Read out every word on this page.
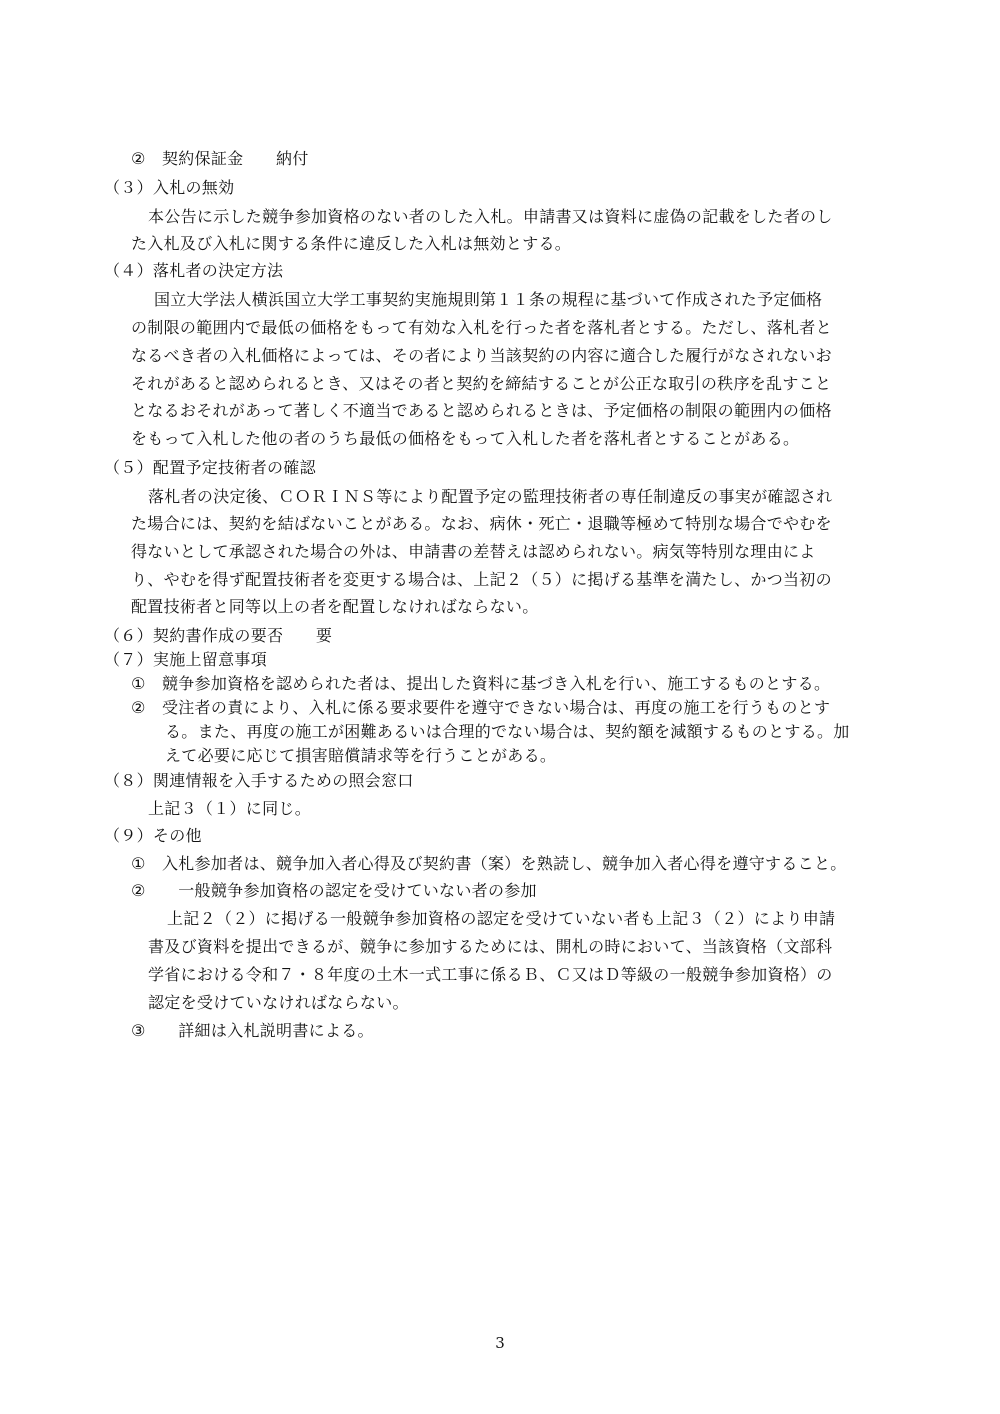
②　契約保証金　　納付
（３）入札の無効
本公告に示した競争参加資格のない者のした入札。申請書又は資料に虚偽の記載をした者のし
た入札及び入札に関する条件に違反した入札は無効とする。
（４）落札者の決定方法
国立大学法人横浜国立大学工事契約実施規則第１１条の規程に基づいて作成された予定価格
の制限の範囲内で最低の価格をもって有効な入札を行った者を落札者とする。ただし、落札者と
なるべき者の入札価格によっては、その者により当該契約の内容に適合した履行がなされないお
それがあると認められるとき、又はその者と契約を締結することが公正な取引の秩序を乱すこと
となるおそれがあって著しく不適当であると認められるときは、予定価格の制限の範囲内の価格
をもって入札した他の者のうち最低の価格をもって入札した者を落札者とすることがある。
（５）配置予定技術者の確認
落札者の決定後、ＣＯＲＩＮＳ等により配置予定の監理技術者の専任制違反の事実が確認され
た場合には、契約を結ばないことがある。なお、病休・死亡・退職等極めて特別な場合でやむを
得ないとして承認された場合の外は、申請書の差替えは認められない。病気等特別な理由によ
り、やむを得ず配置技術者を変更する場合は、上記２（５）に掲げる基準を満たし、かつ当初の
配置技術者と同等以上の者を配置しなければならない。
（６）契約書作成の要否　　要
（７）実施上留意事項
①　競争参加資格を認められた者は、提出した資料に基づき入札を行い、施工するものとする。
②　受注者の責により、入札に係る要求要件を遵守できない場合は、再度の施工を行うものとす
る。また、再度の施工が困難あるいは合理的でない場合は、契約額を減額するものとする。加
えて必要に応じて損害賠償請求等を行うことがある。
（８）関連情報を入手するための照会窓口
上記３（１）に同じ。
（９）その他
①　入札参加者は、競争加入者心得及び契約書（案）を熟読し、競争加入者心得を遵守すること。
②　　一般競争参加資格の認定を受けていない者の参加
上記２（２）に掲げる一般競争参加資格の認定を受けていない者も上記３（２）により申請
書及び資料を提出できるが、競争に参加するためには、開札の時において、当該資格（文部科
学省における令和７・８年度の土木一式工事に係るＢ、Ｃ又はＤ等級の一般競争参加資格）の
認定を受けていなければならない。
③　　詳細は入札説明書による。
3
